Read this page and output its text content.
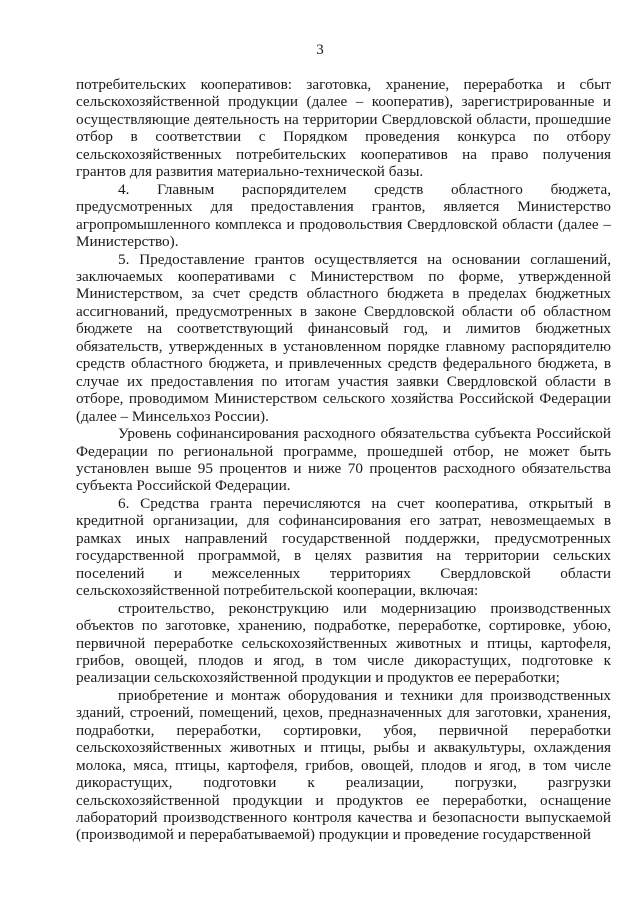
3

потребительских кооперативов: заготовка, хранение, переработка и сбыт сельскохозяйственной продукции (далее – кооператив), зарегистрированные и осуществляющие деятельность на территории Свердловской области, прошедшие отбор в соответствии с Порядком проведения конкурса по отбору сельскохозяйственных потребительских кооперативов на право получения грантов для развития материально-технической базы.

4. Главным распорядителем средств областного бюджета, предусмотренных для предоставления грантов, является Министерство агропромышленного комплекса и продовольствия Свердловской области (далее – Министерство).

5. Предоставление грантов осуществляется на основании соглашений, заключаемых кооперативами с Министерством по форме, утвержденной Министерством, за счет средств областного бюджета в пределах бюджетных ассигнований, предусмотренных в законе Свердловской области об областном бюджете на соответствующий финансовый год, и лимитов бюджетных обязательств, утвержденных в установленном порядке главному распорядителю средств областного бюджета, и привлеченных средств федерального бюджета, в случае их предоставления по итогам участия заявки Свердловской области в отборе, проводимом Министерством сельского хозяйства Российской Федерации (далее – Минсельхоз России).

Уровень софинансирования расходного обязательства субъекта Российской Федерации по региональной программе, прошедшей отбор, не может быть установлен выше 95 процентов и ниже 70 процентов расходного обязательства субъекта Российской Федерации.

6. Средства гранта перечисляются на счет кооператива, открытый в кредитной организации, для софинансирования его затрат, невозмещаемых в рамках иных направлений государственной поддержки, предусмотренных государственной программой, в целях развития на территории сельских поселений и межселенных территориях Свердловской области сельскохозяйственной потребительской кооперации, включая:

строительство, реконструкцию или модернизацию производственных объектов по заготовке, хранению, подработке, переработке, сортировке, убою, первичной переработке сельскохозяйственных животных и птицы, картофеля, грибов, овощей, плодов и ягод, в том числе дикорастущих, подготовке к реализации сельскохозяйственной продукции и продуктов ее переработки;

приобретение и монтаж оборудования и техники для производственных зданий, строений, помещений, цехов, предназначенных для заготовки, хранения, подработки, переработки, сортировки, убоя, первичной переработки сельскохозяйственных животных и птицы, рыбы и аквакультуры, охлаждения молока, мяса, птицы, картофеля, грибов, овощей, плодов и ягод, в том числе дикорастущих, подготовки к реализации, погрузки, разгрузки сельскохозяйственной продукции и продуктов ее переработки, оснащение лабораторий производственного контроля качества и безопасности выпускаемой (производимой и перерабатываемой) продукции и проведение государственной
